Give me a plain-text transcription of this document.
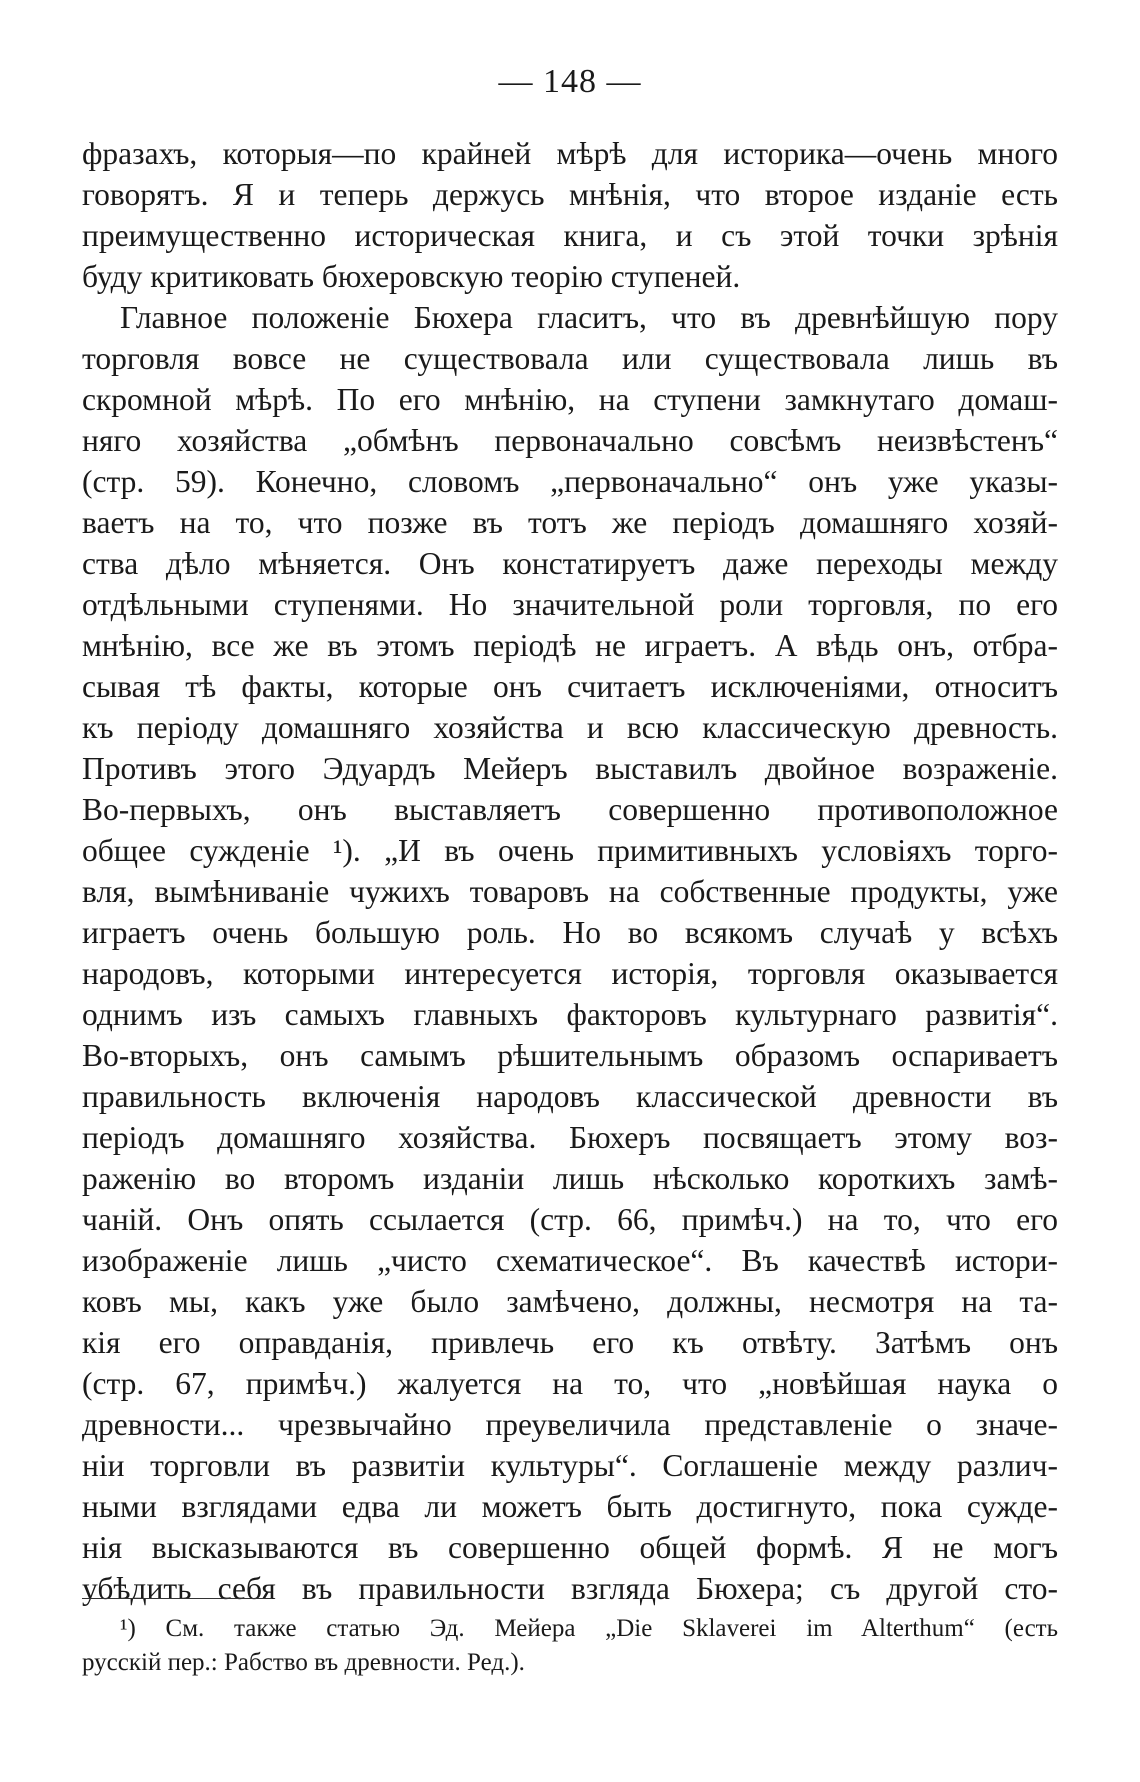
— 148 —
фразахъ, которыя—по крайней мѣрѣ для историка—очень много
говорятъ. Я и теперь держусь мнѣнія, что второе изданіе есть
преимущественно историческая книга, и съ этой точки зрѣнія
буду критиковать бюхеровскую теорію ступеней.
Главное положеніе Бюхера гласитъ, что въ древнѣйшую пору
торговля вовсе не существовала или существовала лишь въ
скромной мѣрѣ. По его мнѣнію, на ступени замкнутаго домаш-
няго хозяйства „обмѣнъ первоначально совсѣмъ неизвѣстенъ“
(стр. 59). Конечно, словомъ „первоначально“ онъ уже указы-
ваетъ на то, что позже въ тотъ же періодъ домашняго хозяй-
ства дѣло мѣняется. Онъ констатируетъ даже переходы между
отдѣльными ступенями. Но значительной роли торговля, по его
мнѣнію, все же въ этомъ періодѣ не играетъ. А вѣдь онъ, отбра-
сывая тѣ факты, которые онъ считаетъ исключеніями, относитъ
къ періоду домашняго хозяйства и всю классическую древность.
Противъ этого Эдуардъ Мейеръ выставилъ двойное возраженіе.
Во-первыхъ, онъ выставляетъ совершенно противоположное
общее сужденіе ¹). „И въ очень примитивныхъ условіяхъ торго-
вля, вымѣниваніе чужихъ товаровъ на собственные продукты, уже
играетъ очень большую роль. Но во всякомъ случаѣ у всѣхъ
народовъ, которыми интересуется исторія, торговля оказывается
однимъ изъ самыхъ главныхъ факторовъ культурнаго развитія“.
Во-вторыхъ, онъ самымъ рѣшительнымъ образомъ оспариваетъ
правильность включенія народовъ классической древности въ
періодъ домашняго хозяйства. Бюхеръ посвящаетъ этому воз-
раженію во второмъ изданіи лишь нѣсколько короткихъ замѣ-
чаній. Онъ опять ссылается (стр. 66, примѣч.) на то, что его
изображеніе лишь „чисто схематическое“. Въ качествѣ истори-
ковъ мы, какъ уже было замѣчено, должны, несмотря на та-
кія его оправданія, привлечь его къ отвѣту. Затѣмъ онъ
(стр. 67, примѣч.) жалуется на то, что „новѣйшая наука о
древности... чрезвычайно преувеличила представленіе о значе-
ніи торговли въ развитіи культуры“. Соглашеніе между различ-
ными взглядами едва ли можетъ быть достигнуто, пока сужде-
нія высказываются въ совершенно общей формѣ. Я не могъ
убѣдить себя въ правильности взгляда Бюхера; съ другой сто-
¹) См. также статью Эд. Мейера „Die Sklaverei im Alterthum“ (есть
русскій пер.: Рабство въ древности. Ред.).
